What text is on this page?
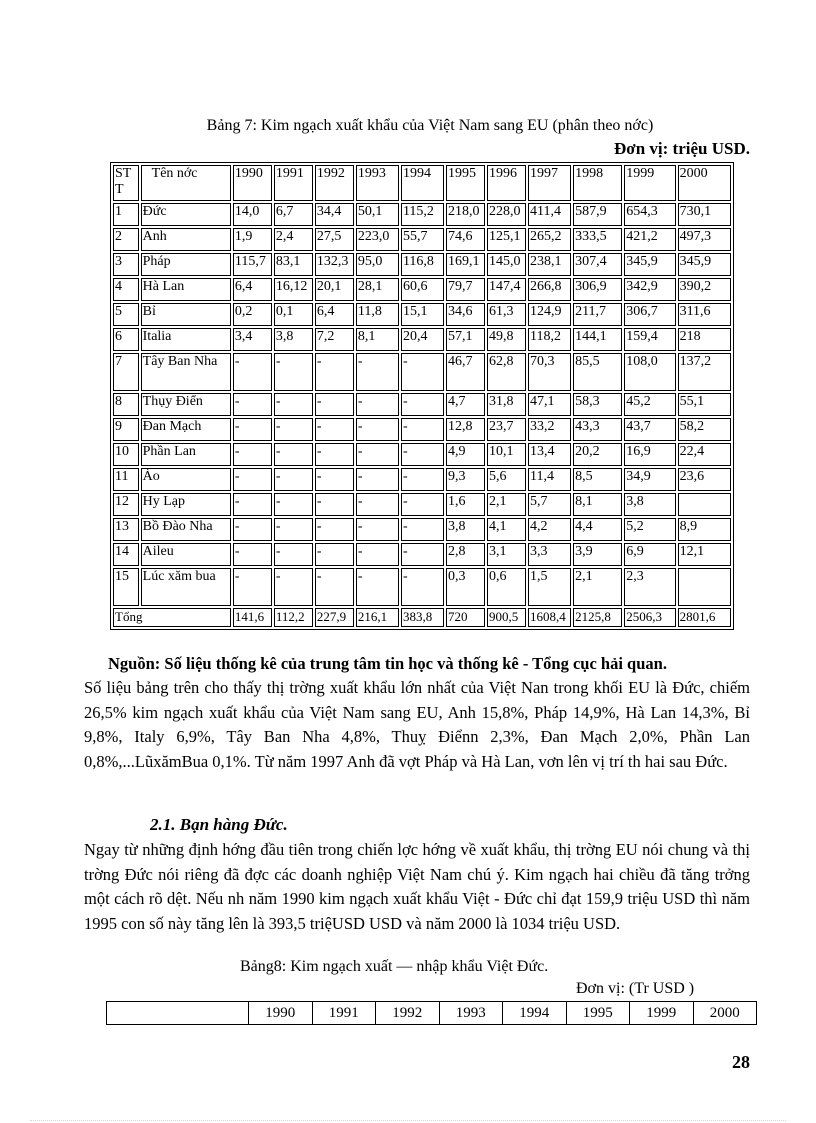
Bảng 7: Kim ngạch xuất khẩu của Việt Nam sang EU (phân theo nớc)
Đơn vị: triệu USD.
ST T	Tên nớc	1990	1991	1992	1993	1994	1995	1996	1997	1998	1999	2000
1	Đức	14,0	6,7	34,4	50,1	115,2	218,0	228,0	411,4	587,9	654,3	730,1
2	Anh	1,9	2,4	27,5	223,0	55,7	74,6	125,1	265,2	333,5	421,2	497,3
3	Pháp	115,7	83,1	132,3	95,0	116,8	169,1	145,0	238,1	307,4	345,9	345,9
4	Hà Lan	6,4	16,12	20,1	28,1	60,6	79,7	147,4	266,8	306,9	342,9	390,2
5	Bỉ	0,2	0,1	6,4	11,8	15,1	34,6	61,3	124,9	211,7	306,7	311,6
6	Italia	3,4	3,8	7,2	8,1	20,4	57,1	49,8	118,2	144,1	159,4	218
7	Tây Ban Nha	-	-	-	-	-	46,7	62,8	70,3	85,5	108,0	137,2
8	Thụy Điển	-	-	-	-	-	4,7	31,8	47,1	58,3	45,2	55,1
9	Đan Mạch	-	-	-	-	-	12,8	23,7	33,2	43,3	43,7	58,2
10	Phần Lan	-	-	-	-	-	4,9	10,1	13,4	20,2	16,9	22,4
11	Áo	-	-	-	-	-	9,3	5,6	11,4	8,5	34,9	23,6
12	Hy Lạp	-	-	-	-	-	1,6	2,1	5,7	8,1	3,8	
13	Bồ Đào Nha	-	-	-	-	-	3,8	4,1	4,2	4,4	5,2	8,9
14	Aileu	-	-	-	-	-	2,8	3,1	3,3	3,9	6,9	12,1
15	Lúc xăm bua	-	-	-	-	-	0,3	0,6	1,5	2,1	2,3	
Tổng		141,6	112,2	227,9	216,1	383,8	720	900,5	1608,4	2125,8	2506,3	2801,6
Nguồn: Số liệu thống kê của trung tâm tin học và thống kê - Tổng cục hải quan.
Số liệu bảng trên cho thấy thị trờng xuất khẩu lớn nhất của Việt Nan trong khối EU là Đức, chiếm 26,5% kim ngạch xuất khẩu của Việt Nam sang EU, Anh 15,8%, Pháp 14,9%, Hà Lan 14,3%, Bỉ 9,8%, Italy 6,9%, Tây Ban Nha 4,8%, Thuỵ Điểnn 2,3%, Đan Mạch 2,0%, Phần Lan 0,8%,...LũxămBua 0,1%. Từ năm 1997 Anh đã vợt Pháp và Hà Lan, vơn lên vị trí th hai sau Đức.
2.1. Bạn hàng Đức.
Ngay từ những định hớng đầu tiên trong chiến lợc hớng về xuất khẩu, thị trờng EU nói chung và thị trờng Đức nói riêng đã đợc các doanh nghiệp Việt Nam chú ý. Kim ngạch hai chiều đã tăng trởng một cách rõ dệt. Nếu nh năm 1990 kim ngạch xuất khẩu Việt - Đức chỉ đạt 159,9 triệu USD thì năm 1995 con số này tăng lên là 393,5 triệUSD USD và năm 2000 là 1034 triệu USD.
Bảng8: Kim ngạch xuất — nhập khẩu Việt Đức.
Đơn vị: (Tr USD )
	1990	1991	1992	1993	1994	1995	1999	2000
28
